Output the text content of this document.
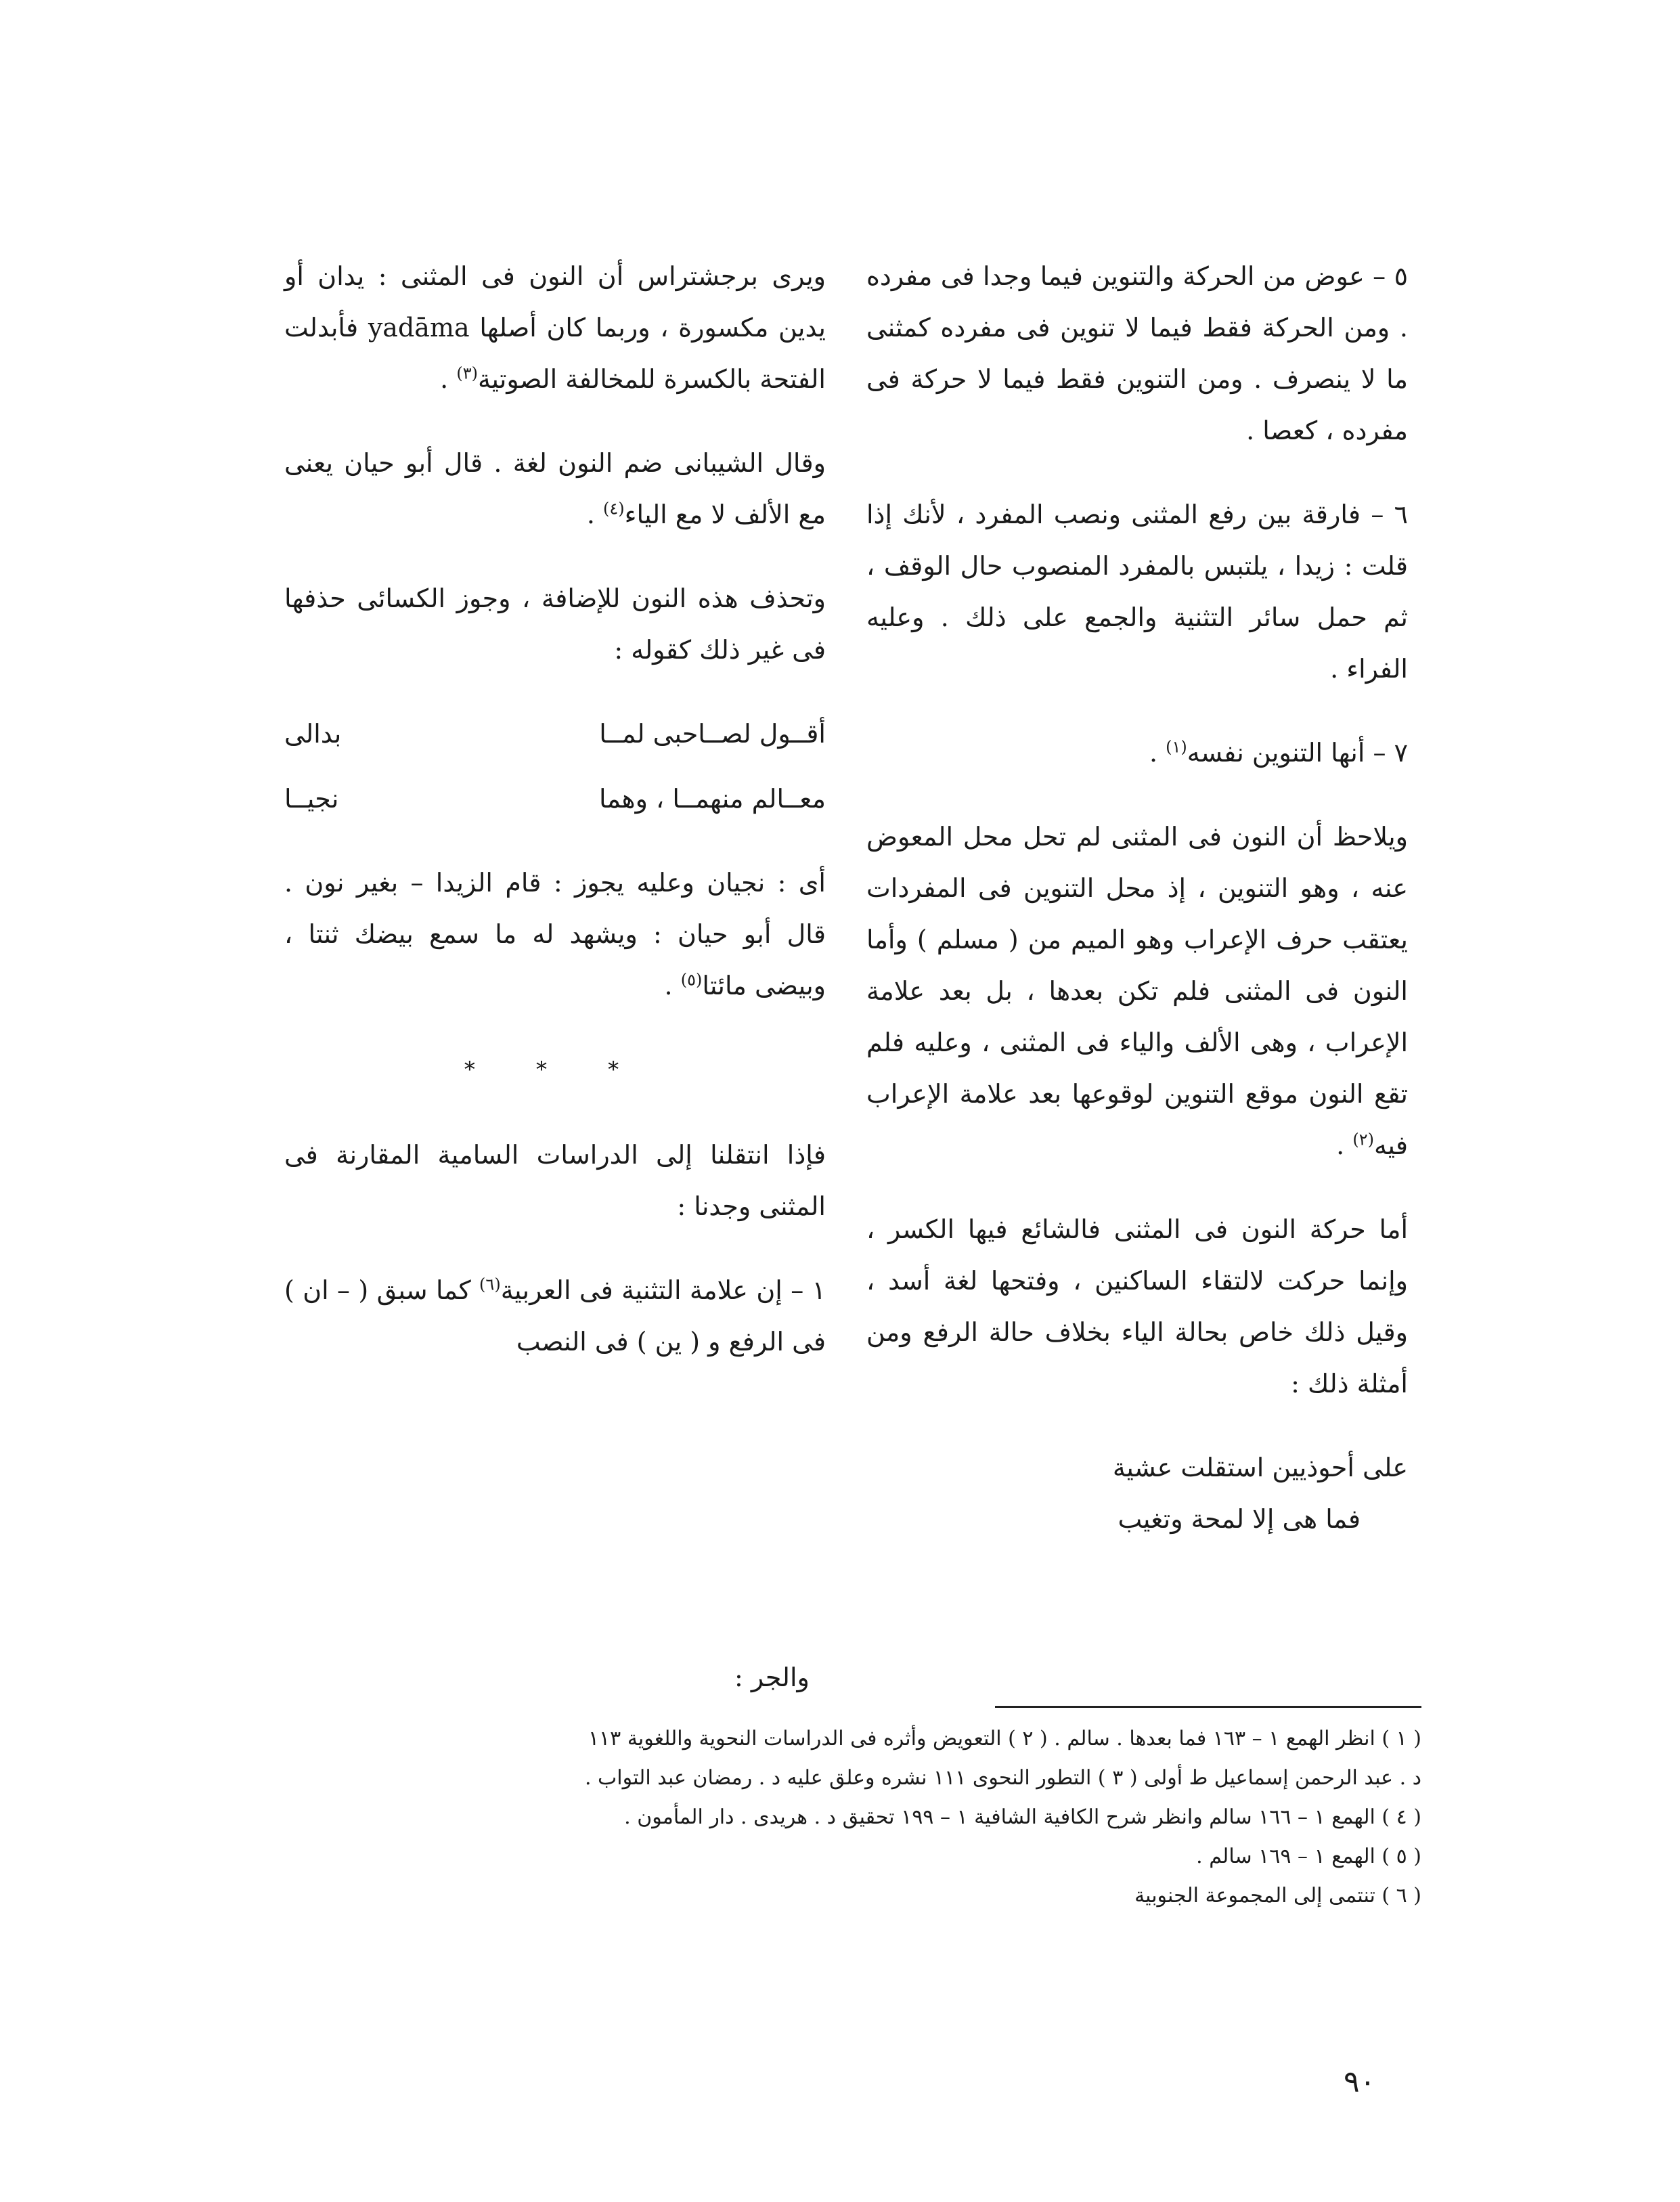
٥ – عوض من الحركة والتنوين فيما وجدا فى مفرده . ومن الحركة فقط فيما لا تنوين فى مفرده كمثنى ما لا ينصرف . ومن التنوين فقط فيما لا حركة فى مفرده ، كعصا .

٦ – فارقة بين رفع المثنى ونصب المفرد ، لأنك إذا قلت : زيدا ، يلتبس بالمفرد المنصوب حال الوقف ، ثم حمل سائر التثنية والجمع على ذلك . وعليه الفراء .

٧ – أنها التنوين نفسه$^{(١)}$ .

ويلاحظ أن النون فى المثنى لم تحل محل المعوض عنه ، وهو التنوين ، إذ محل التنوين فى المفردات يعتقب حرف الإعراب وهو الميم من ( مسلم ) وأما النون فى المثنى فلم تكن بعدها ، بل بعد علامة الإعراب ، وهى الألف والياء فى المثنى ، وعليه فلم تقع النون موقع التنوين لوقوعها بعد علامة الإعراب فيه$^{(٢)}$ .

أما حركة النون فى المثنى فالشائع فيها الكسر ، وإنما حركت لالتقاء الساكنين ، وفتحها لغة أسد ، وقيل ذلك خاص بحالة الياء بخلاف حالة الرفع ومن أمثلة ذلك :

على أحوذيين استقلت عشية
فما هى إلا لمحة وتغيب

ويرى برجشتراس أن النون فى المثنى : يدان أو يدين مكسورة ، وربما كان أصلها yadāma فأبدلت الفتحة بالكسرة للمخالفة الصوتية$^{(٣)}$ .

وقال الشيبانى ضم النون لغة . قال أبو حيان يعنى مع الألف لا مع الياء$^{(٤)}$ .

وتحذف هذه النون للإضافة ، وجوز الكسائى حذفها فى غير ذلك كقوله :

أقــول لصــاحبى لمــا
بدالى
معــالم منهمــا ، وهما
نجيــا

أى : نجيان وعليه يجوز : قام الزيدا – بغير نون . قال أبو حيان : ويشهد له ما سمع بيضك ثنتا ، وبيضى مائتا$^{(٥)}$ .

* * *

فإذا انتقلنا إلى الدراسات السامية المقارنة فى المثنى وجدنا :

١ – إن علامة التثنية فى العربية$^{(٦)}$ كما سبق ( – ان ) فى الرفع و ( ين ) فى النصب

والجر :
( ١ ) انظر الهمع ١ – ١٦٣ فما بعدها . سالم . ( ٢ ) التعويض وأثره فى الدراسات النحوية واللغوية ١١٣
د . عبد الرحمن إسماعيل ط أولى ( ٣ ) التطور النحوى ١١١ نشره وعلق عليه د . رمضان عبد التواب .
( ٤ ) الهمع ١ – ١٦٦ سالم وانظر شرح الكافية الشافية ١ – ١٩٩ تحقيق د . هريدى . دار المأمون .
( ٥ ) الهمع ١ – ١٦٩ سالم .
( ٦ ) تنتمى إلى المجموعة الجنوبية
٩٠
